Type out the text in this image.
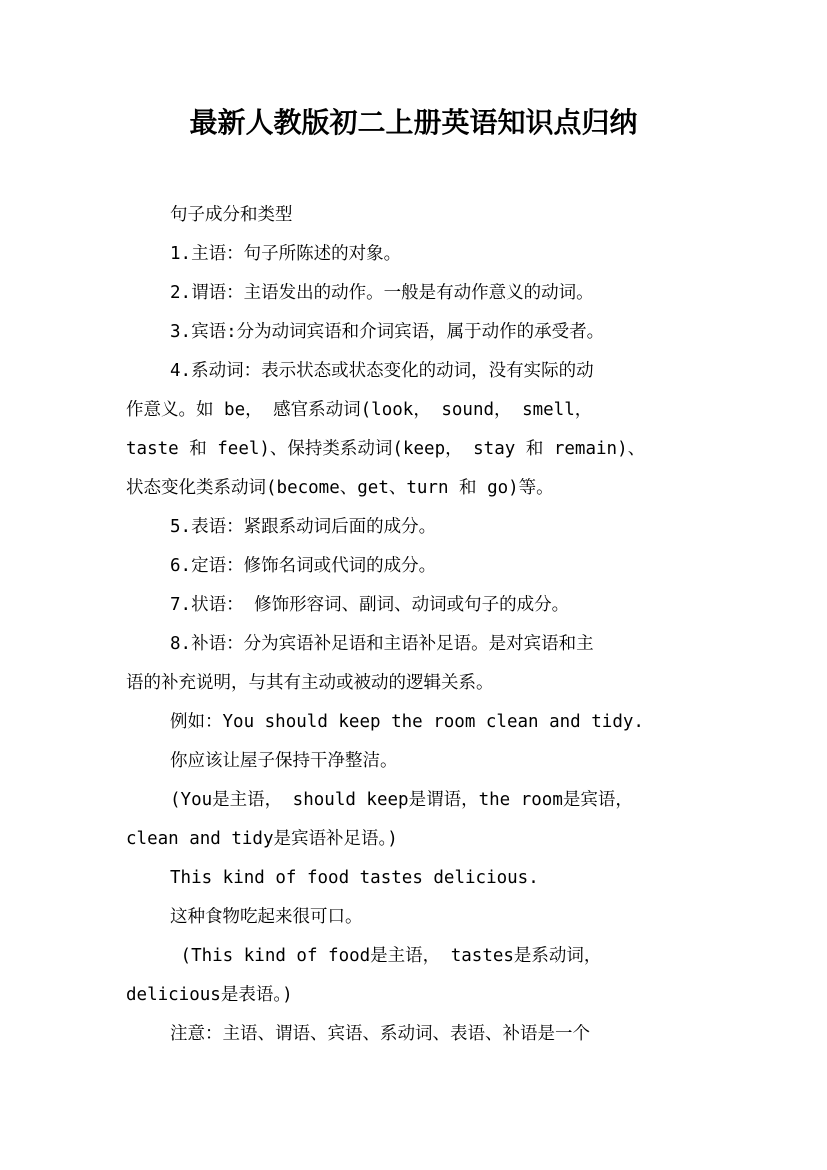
最新人教版初二上册英语知识点归纳
句子成分和类型
1.主语：句子所陈述的对象。
2.谓语：主语发出的动作。一般是有动作意义的动词。
3.宾语:分为动词宾语和介词宾语，属于动作的承受者。
4.系动词：表示状态或状态变化的动词，没有实际的动
作意义。如 be， 感官系动词(look， sound， smell，
taste 和 feel)、保持类系动词(keep， stay 和 remain)、
状态变化类系动词(become、get、turn 和 go)等。
5.表语：紧跟系动词后面的成分。
6.定语：修饰名词或代词的成分。
7.状语： 修饰形容词、副词、动词或句子的成分。
8.补语：分为宾语补足语和主语补足语。是对宾语和主
语的补充说明，与其有主动或被动的逻辑关系。
例如：You should keep the room clean and tidy.
你应该让屋子保持干净整洁。
(You是主语， should keep是谓语，the room是宾语，
clean and tidy是宾语补足语。)
This kind of food tastes delicious.
这种食物吃起来很可口。
(This kind of food是主语， tastes是系动词，
delicious是表语。)
注意：主语、谓语、宾语、系动词、表语、补语是一个
